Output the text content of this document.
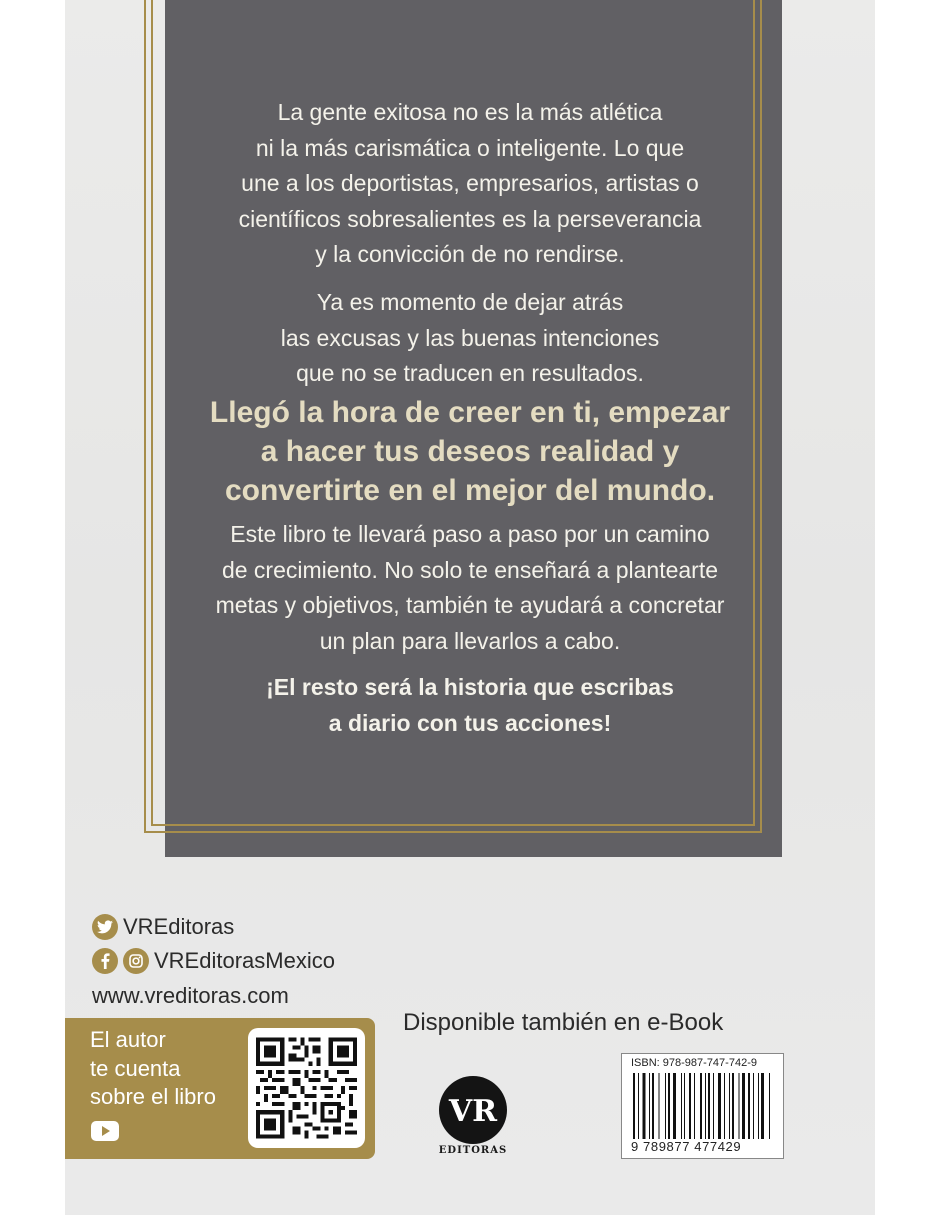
La gente exitosa no es la más atlética
ni la más carismática o inteligente. Lo que
une a los deportistas, empresarios, artistas o
científicos sobresalientes es la perseverancia
y la convicción de no rendirse.

Ya es momento de dejar atrás
las excusas y las buenas intenciones
que no se traducen en resultados.

Llegó la hora de creer en ti, empezar
a hacer tus deseos realidad y
convertirte en el mejor del mundo.

Este libro te llevará paso a paso por un camino
de crecimiento. No solo te enseñará a plantearte
metas y objetivos, también te ayudará a concretar
un plan para llevarlos a cabo.

¡El resto será la historia que escribas
a diario con tus acciones!

VREditoras
VREditorasMexico
www.vreditoras.com
El autor
te cuenta
sobre el libro
Disponible también en e-Book
VR
EDITORAS
ISBN: 978-987-747-742-9
9 789877 477429
